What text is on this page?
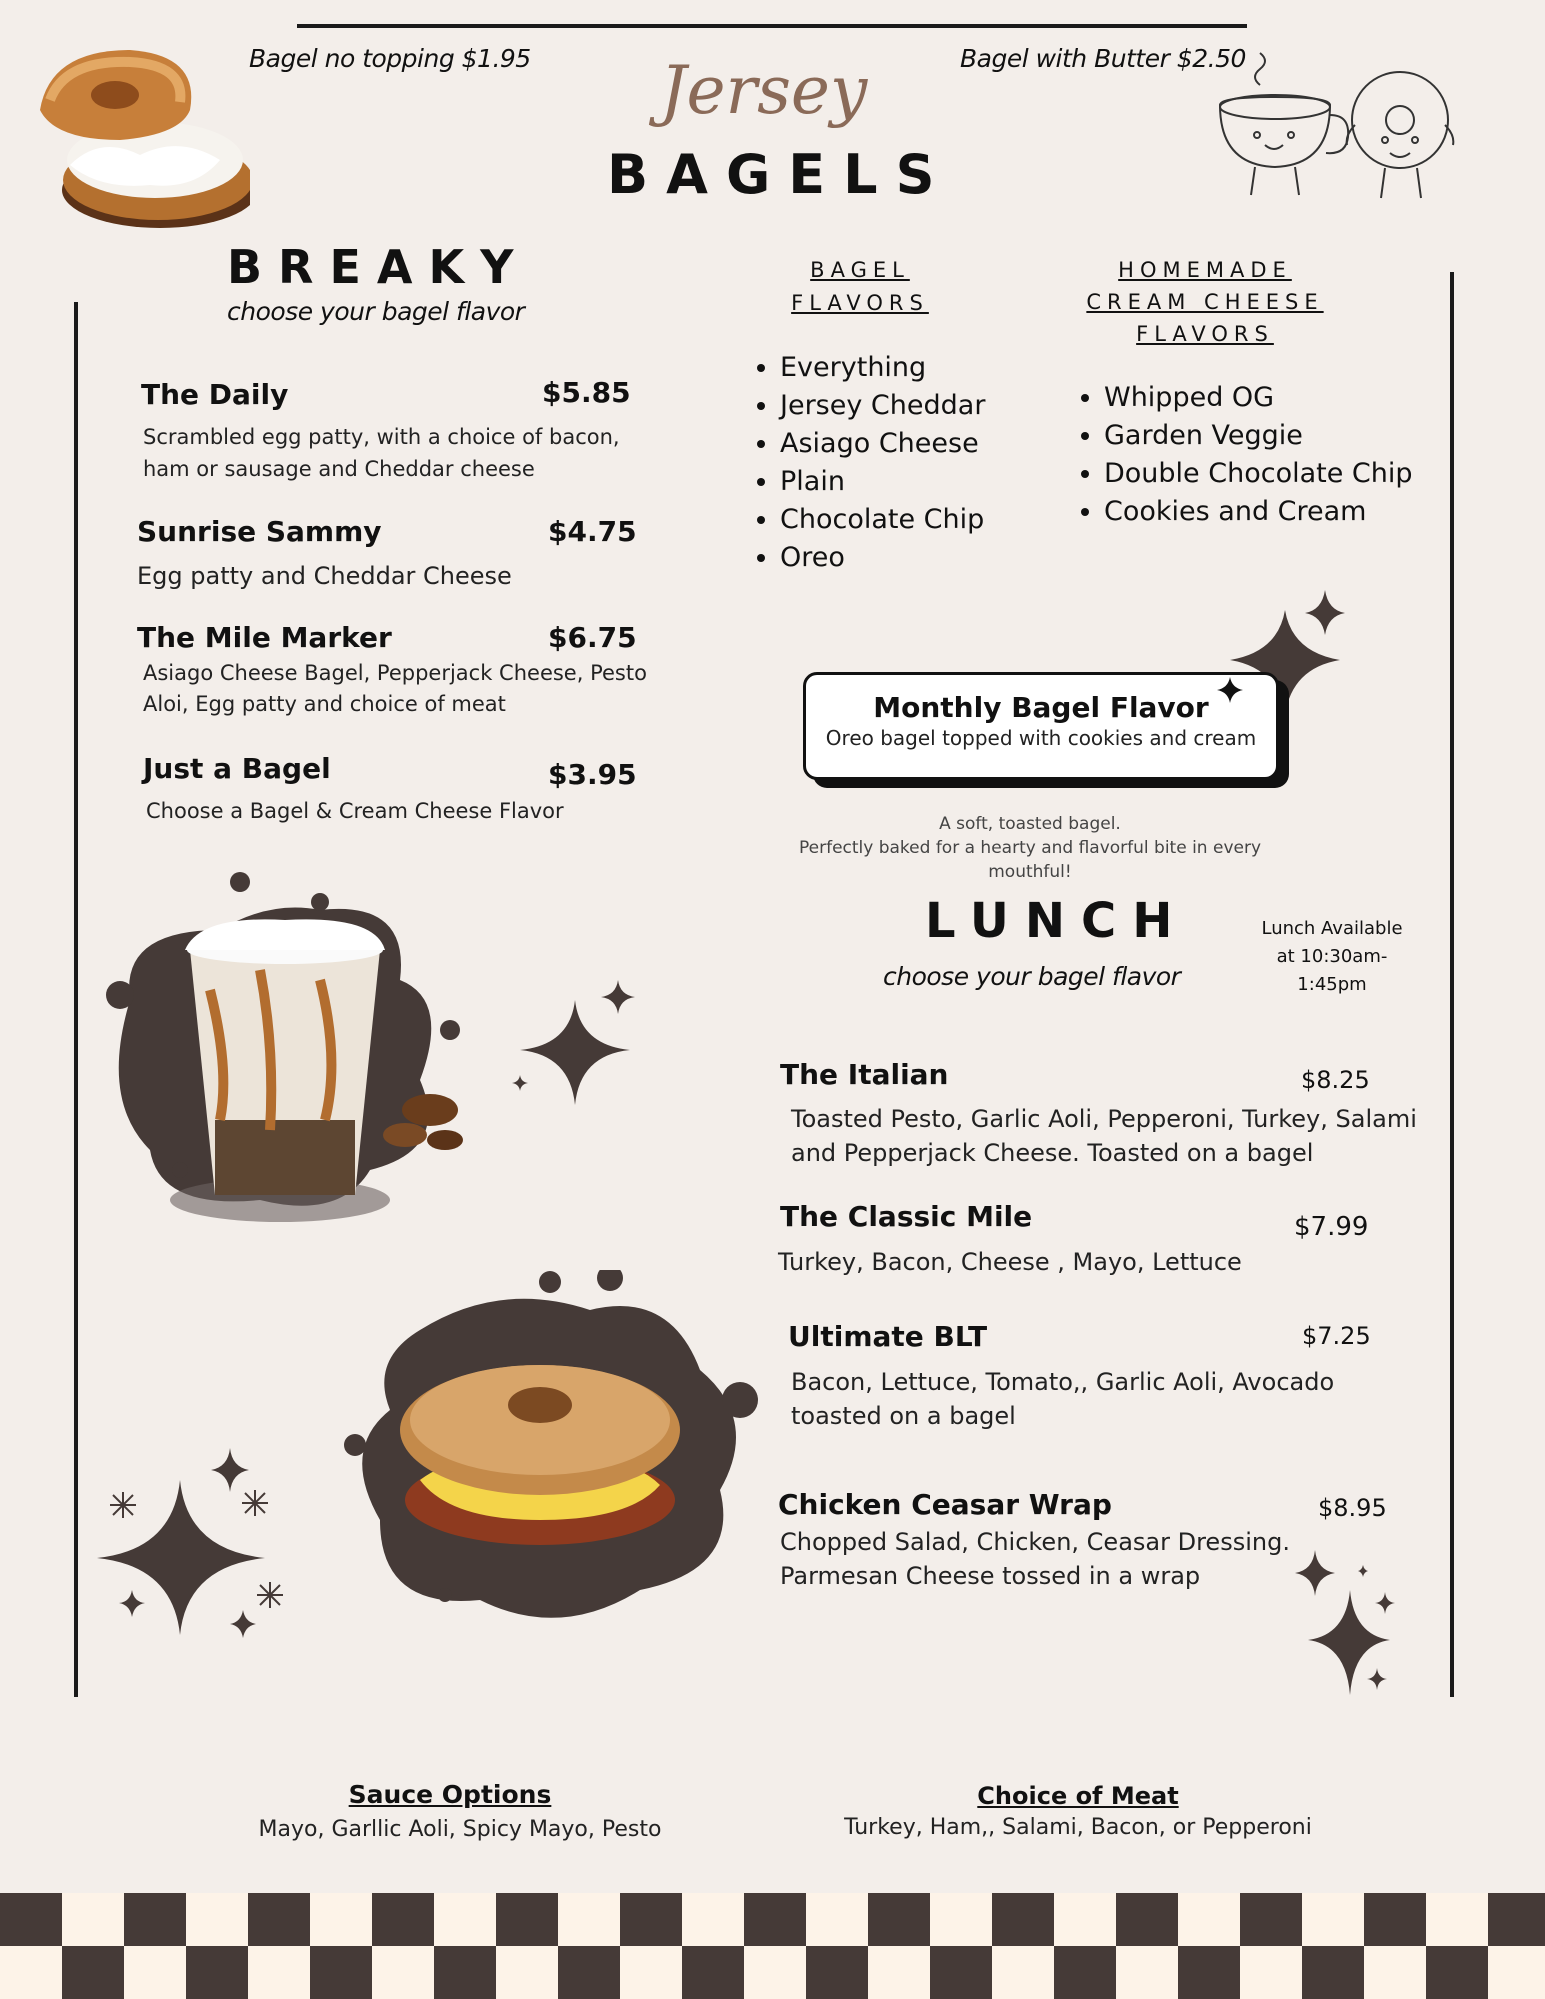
Bagel no topping $1.95	Bagel with Butter $2.50
Jersey
BAGELS
BREAKY
choose your bagel flavor
The Daily	$5.85
Scrambled egg patty, with a choice of bacon,
ham or sausage and Cheddar cheese
Sunrise Sammy	$4.75
Egg patty and Cheddar Cheese
The Mile Marker	$6.75
Asiago Cheese Bagel, Pepperjack Cheese, Pesto
Aloi, Egg patty and choice of meat
Just a Bagel	$3.95
Choose a Bagel & Cream Cheese Flavor
BAGEL
FLAVORS
• Everything
• Jersey Cheddar
• Asiago Cheese
• Plain
• Chocolate Chip
• Oreo
HOMEMADE
CREAM CHEESE
FLAVORS
• Whipped OG
• Garden Veggie
• Double Chocolate Chip
• Cookies and Cream
Monthly Bagel Flavor
Oreo bagel topped with cookies and cream
A soft, toasted bagel.
Perfectly baked for a hearty and flavorful bite in every mouthful!
LUNCH
choose your bagel flavor
Lunch Available
at 10:30am-
1:45pm
The Italian	$8.25
Toasted Pesto, Garlic Aoli, Pepperoni, Turkey, Salami
and Pepperjack Cheese. Toasted on a bagel
The Classic Mile	$7.99
Turkey, Bacon, Cheese , Mayo, Lettuce
Ultimate BLT	$7.25
Bacon, Lettuce, Tomato,, Garlic Aoli, Avocado
toasted on a bagel
Chicken Ceasar Wrap	$8.95
Chopped Salad, Chicken, Ceasar Dressing.
Parmesan Cheese tossed in a wrap
Sauce Options
Mayo, Garllic Aoli, Spicy Mayo, Pesto
Choice of Meat
Turkey, Ham,, Salami, Bacon, or Pepperoni
